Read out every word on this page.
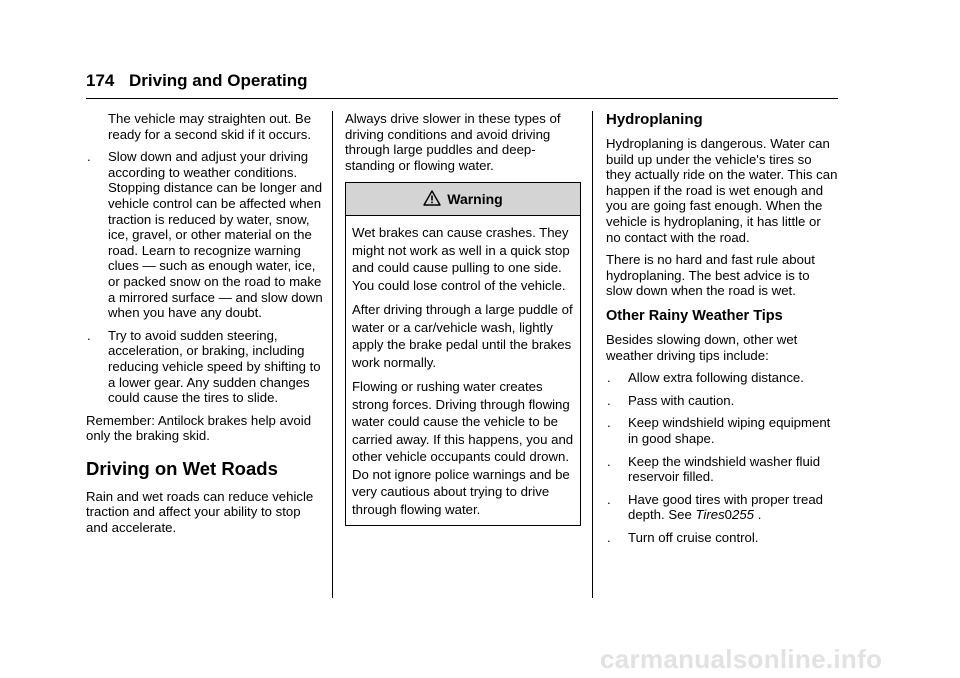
174 Driving and Operating

The vehicle may straighten out. Be ready for a second skid if it occurs.

. Slow down and adjust your driving according to weather conditions. Stopping distance can be longer and vehicle control can be affected when traction is reduced by water, snow, ice, gravel, or other material on the road. Learn to recognize warning clues — such as enough water, ice, or packed snow on the road to make a mirrored surface — and slow down when you have any doubt.

. Try to avoid sudden steering, acceleration, or braking, including reducing vehicle speed by shifting to a lower gear. Any sudden changes could cause the tires to slide.

Remember: Antilock brakes help avoid only the braking skid.

Driving on Wet Roads

Rain and wet roads can reduce vehicle traction and affect your ability to stop and accelerate.

Always drive slower in these types of driving conditions and avoid driving through large puddles and deep-standing or flowing water.

Warning

Wet brakes can cause crashes. They might not work as well in a quick stop and could cause pulling to one side. You could lose control of the vehicle.

After driving through a large puddle of water or a car/vehicle wash, lightly apply the brake pedal until the brakes work normally.

Flowing or rushing water creates strong forces. Driving through flowing water could cause the vehicle to be carried away. If this happens, you and other vehicle occupants could drown. Do not ignore police warnings and be very cautious about trying to drive through flowing water.

Hydroplaning

Hydroplaning is dangerous. Water can build up under the vehicle's tires so they actually ride on the water. This can happen if the road is wet enough and you are going fast enough. When the vehicle is hydroplaning, it has little or no contact with the road.

There is no hard and fast rule about hydroplaning. The best advice is to slow down when the road is wet.

Other Rainy Weather Tips

Besides slowing down, other wet weather driving tips include:

. Allow extra following distance.

. Pass with caution.

. Keep windshield wiping equipment in good shape.

. Keep the windshield washer fluid reservoir filled.

. Have good tires with proper tread depth. See Tires0255 .

. Turn off cruise control.

carmanualsonline.info
